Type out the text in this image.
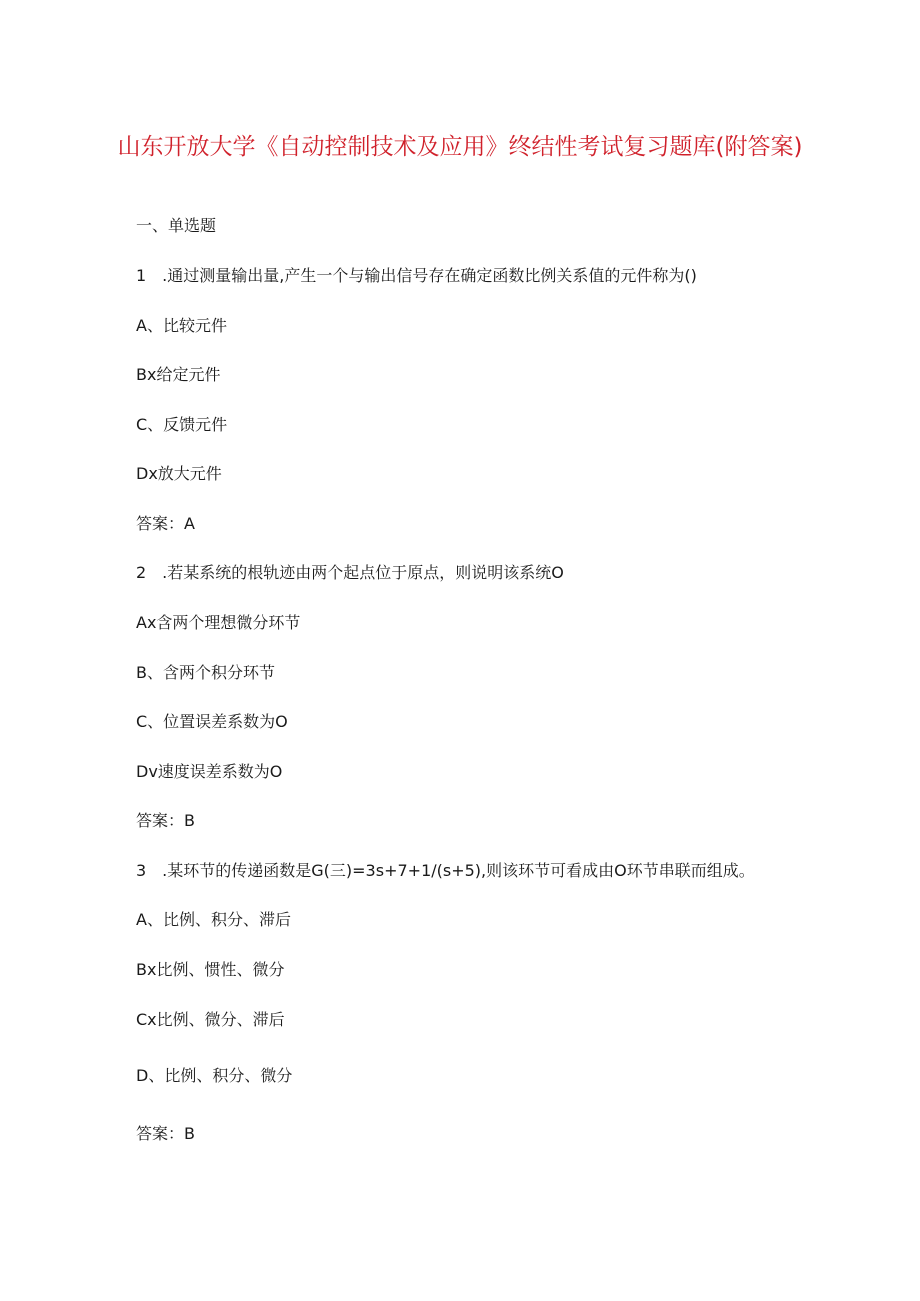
山东开放大学《自动控制技术及应用》终结性考试复习题库(附答案)
一、单选题
1　.通过测量输出量,产生一个与输出信号存在确定函数比例关系值的元件称为()
A、比较元件
Bx给定元件
C、反馈元件
Dx放大元件
答案：A
2　.若某系统的根轨迹由两个起点位于原点，则说明该系统O
Ax含两个理想微分环节
B、含两个积分环节
C、位置误差系数为O
Dv速度误差系数为O
答案：B
3　.某环节的传递函数是G(三)=3s+7+1∕(s+5),则该环节可看成由O环节串联而组成。
A、比例、积分、滞后
Bx比例、惯性、微分
Cx比例、微分、滞后
D、比例、积分、微分
答案：B
